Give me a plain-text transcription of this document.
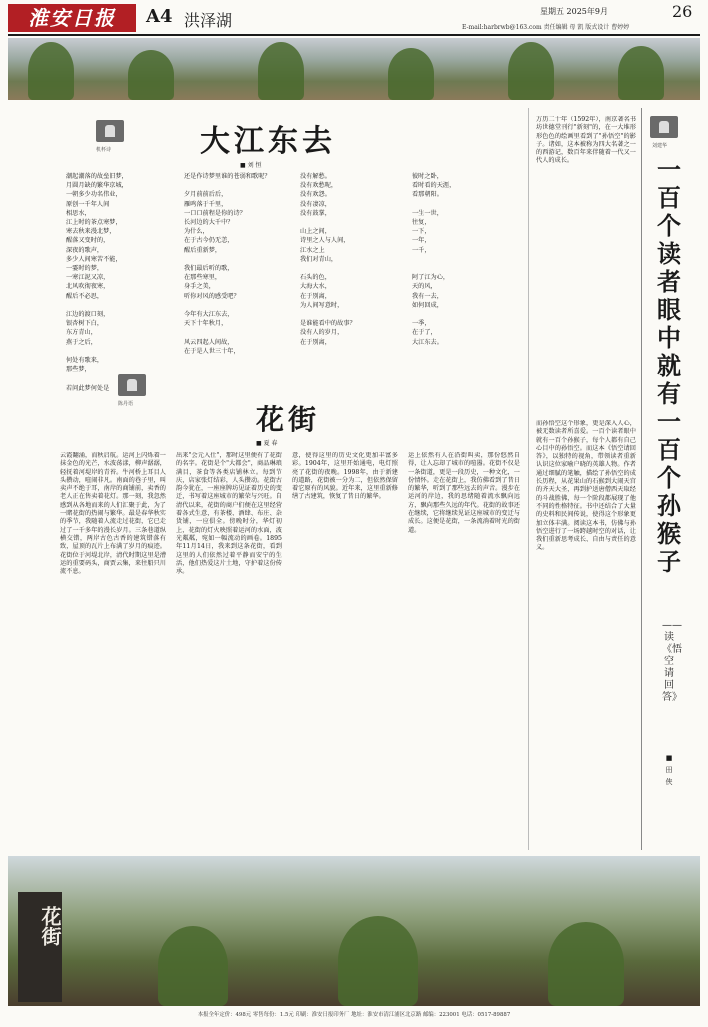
淮安日报	A4 洪泽湖	星期五 2025年9月	26
E-mail:harbrwb@163.com 责任编辑 母 凯 版式设计 曹婷婷
机杯诗	大江东去
■ 刘 恒
潮起潮落的故垒旧梦，
月圆月缺的繁华京城，
一朝多少功名伟业，
原创一千年人间
相思水，
江上时的茶点寒梦，
寒去秋来漫北梦，
醒落又变时的，
深夜的歌声，
多少人间寒苦不能，
一霎时的梦，
一寒江泥又凉，
北风吹彻夜寒，
醒后不必思，

江边的渡口刻，
银杏树下白，
东方青山，
燕于之后，

何处有歌来，
那些梦，

若问此梦何处是
还是作诗梦里谁的苍弱和歌呢？

夕月前前后后，
雁鸣落于千里，
一口口前程是你的诗？
长河边的大千中？
为什么，
在于古今仍无恙，
醒后重新梦，

我们最后听的歌，
在那些寒里，
身手之美，
听你对风的感受吧？

今年有大江东去，
天下十年秋月，

风云四起人间故，
在于是人世三十年，
没有解愁。
没有欢愁呢，
没有欢怨。
没有凄凉，
没有鼓掌，

山上之间，
诗里之人与人间，
江水之上
我们对青山，

石头的色，
大海大水，
在于别离，
为人间写意时，

是谁能看中的故事？
没有人的岁月，
在于别离，
彼时之卧，
看时看的天涯，
看那朝阳。

一生一世，
往复，
一下，
一年，
一千，

阿了江为心，
天的风，
我有一去，
如何回成，

一季，
在于了，
大江东去。
陈丹语	花街
■ 夏 春
云霞翻涌，而秋启航。运河上闪烁着一抹金色的光芒，水波荡漾，柳声潺潺，轻抚着河堤岸的青苔。牛河桥上耳目人头攒动，喧闹非凡。南面的巷子里，叫卖声不绝于耳，南岸的商铺前，卖香的老人正在售卖着花灯。那一刻，我忽然感到从各地而来的人们汇聚于此，为了一睹花街的热闹与繁华。最是春华秋实的季节，我随着人流走过花街，它已走过了一千多年的漫长岁月。三条巷道纵横交错，两岸古色古香的建筑错落有致，屋顶的瓦片上布满了岁月的痕迹。花街位于河堤北岸，清代时期这里是漕运的重要码头，商贾云集，来往船只川流不息。
出来"会元入仕"，那时这里便有了花街的名字。花街是个"大都会"，商品琳琅满目，茶食等各类店铺林立。每到节庆，店家张灯结彩，人头攒动。花街古韵今犹在，一座座牌坊见证着历史的变迁，书写着这座城市的繁荣与兴旺。自清代以来，花街的商户们便在这里经营着各式生意，有茶楼、酒肆、布庄、杂货铺，一应俱全。傍晚时分，华灯初上，花街的灯火映照着运河的水面，波光粼粼，宛如一幅流动的画卷。1895年11月14日，我来到这条花街，看到这里的人们依然过着平静而安宁的生活，他们热爱这片土地，守护着这份传承。
意，使得这里的历史文化更加丰富多彩。1904年，这里开始通电，电灯照亮了花街的夜晚。1998年，由于新建的道路，花街被一分为二，但依然保留着它原有的风貌。近年来，这里重新修缮了古建筑，恢复了昔日的繁华。
运上依然有人在沿街叫卖，那份悠然自得，让人忘却了城市的喧嚣。花街不仅是一条街道，更是一段历史，一种文化，一份情怀。走在花街上，我仿佛看到了昔日的繁华，听到了那些远去的声音。漫步在运河的岸边，我的思绪随着流水飘向远方，飘向那些久远的年代。花街的故事还在继续，它将继续见证这座城市的变迁与成长。这便是花街，一条流淌着时光的街道。
刘建华
一百个读者眼中就有一百个孙猴子
——读《悟空请回答》
■ 田 侠
万历二十年（1592年），南京著名书坊世德堂刊行"新刻"的，在一大堆形形色色的绘画里看到了"孙悟空"的影子。诸如，这本被称为四大名著之一的西游记，数百年来伴随着一代又一代人的成长。
而孙悟空这个形象，更是深入人心，被无数读者所喜爱。一百个读者眼中就有一百个孙猴子，每个人都有自己心目中的孙悟空。而这本《悟空请回答》，以独特的视角，带领读者重新认识这位家喻户晓的英雄人物。作者通过细腻的笔触，描绘了孙悟空的成长历程，从花果山的石猴到大闹天宫的齐天大圣，再到护送唐僧西天取经的斗战胜佛，每一个阶段都展现了他不同的性格特征。书中还结合了大量的史料和民间传说，使得这个形象更加立体丰满。阅读这本书，仿佛与孙悟空进行了一场跨越时空的对话，让我们重新思考成长、自由与责任的意义。
花街
本报全年定价：498元 零售每份：1.5元 印刷：淮安日报印务厂 地址：淮安市清江浦区北京路 邮编：223001 电话：0517-89887
